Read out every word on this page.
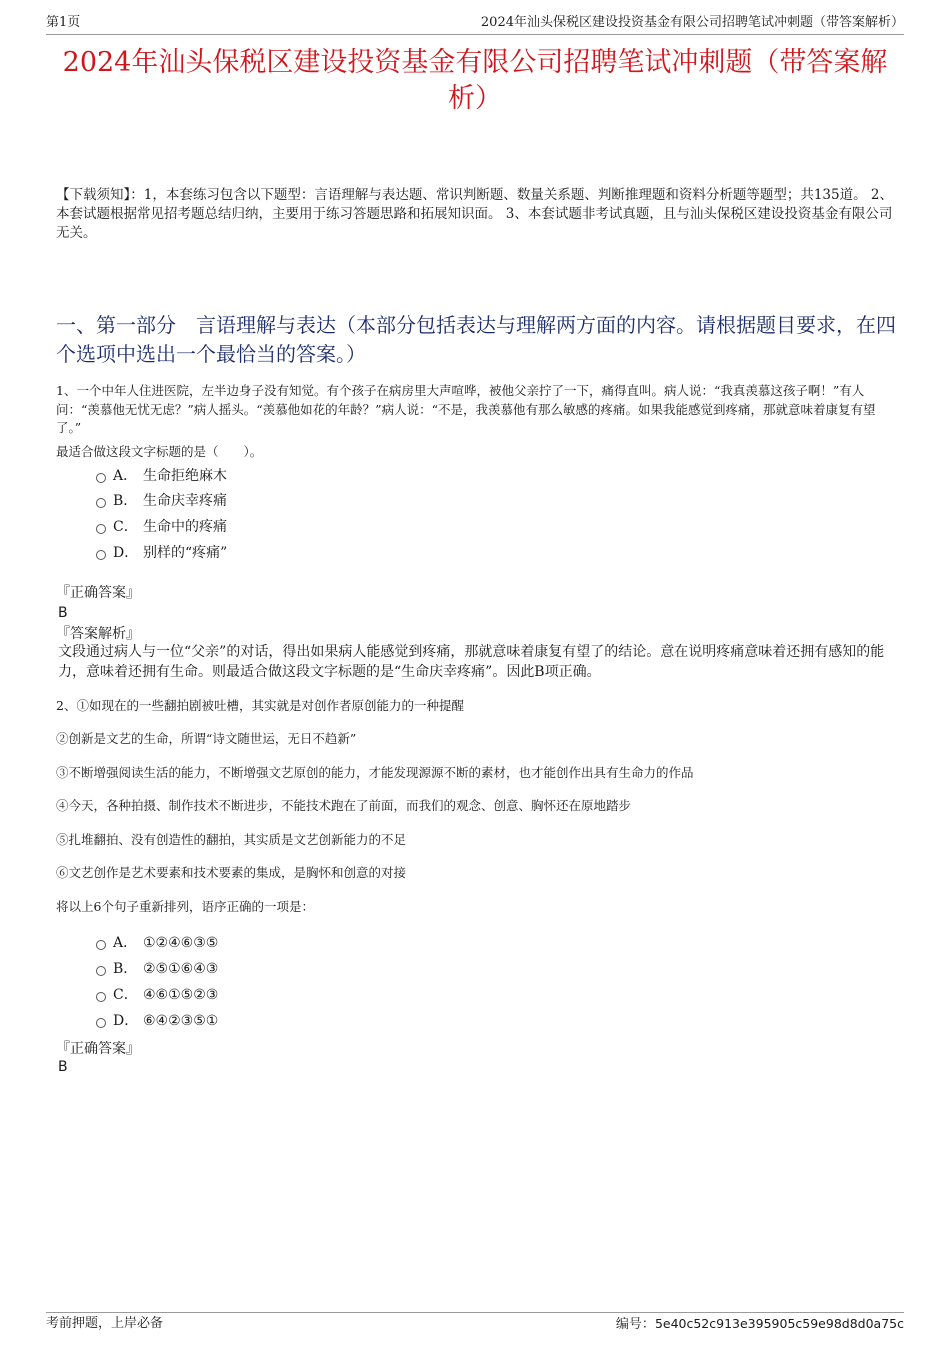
第1页	2024年汕头保税区建设投资基金有限公司招聘笔试冲刺题（带答案解析）
2024年汕头保税区建设投资基金有限公司招聘笔试冲刺题（带答案解析）
【下载须知】：1，本套练习包含以下题型：言语理解与表达题、常识判断题、数量关系题、判断推理题和资料分析题等题型；共135道。 2、本套试题根据常见招考题总结归纳，主要用于练习答题思路和拓展知识面。 3、本套试题非考试真题，且与汕头保税区建设投资基金有限公司无关。
一、第一部分　言语理解与表达（本部分包括表达与理解两方面的内容。请根据题目要求，在四个选项中选出一个最恰当的答案。）
1、一个中年人住进医院，左半边身子没有知觉。有个孩子在病房里大声喧哗，被他父亲拧了一下，痛得直叫。病人说：“我真羡慕这孩子啊！”有人问：“羡慕他无忧无虑？”病人摇头。“羡慕他如花的年龄？”病人说：“不是，我羡慕他有那么敏感的疼痛。如果我能感觉到疼痛，那就意味着康复有望了。”
最适合做这段文字标题的是（　　）。
A． 生命拒绝麻木
B． 生命庆幸疼痛
C． 生命中的疼痛
D． 别样的“疼痛”
『正确答案』
B
『答案解析』
文段通过病人与一位“父亲”的对话，得出如果病人能感觉到疼痛，那就意味着康复有望了的结论。意在说明疼痛意味着还拥有感知的能力，意味着还拥有生命。则最适合做这段文字标题的是“生命庆幸疼痛”。因此B项正确。
2、①如现在的一些翻拍剧被吐槽，其实就是对创作者原创能力的一种提醒
②创新是文艺的生命，所谓“诗文随世运，无日不趋新”
③不断增强阅读生活的能力，不断增强文艺原创的能力，才能发现源源不断的素材，也才能创作出具有生命力的作品
④今天，各种拍摄、制作技术不断进步，不能技术跑在了前面，而我们的观念、创意、胸怀还在原地踏步
⑤扎堆翻拍、没有创造性的翻拍，其实质是文艺创新能力的不足
⑥文艺创作是艺术要素和技术要素的集成，是胸怀和创意的对接
将以上6个句子重新排列，语序正确的一项是：
A． ①②④⑥③⑤
B． ②⑤①⑥④③
C． ④⑥①⑤②③
D． ⑥④②③⑤①
『正确答案』
B
考前押题，上岸必备	编号：5e40c52c913e395905c59e98d8d0a75c
